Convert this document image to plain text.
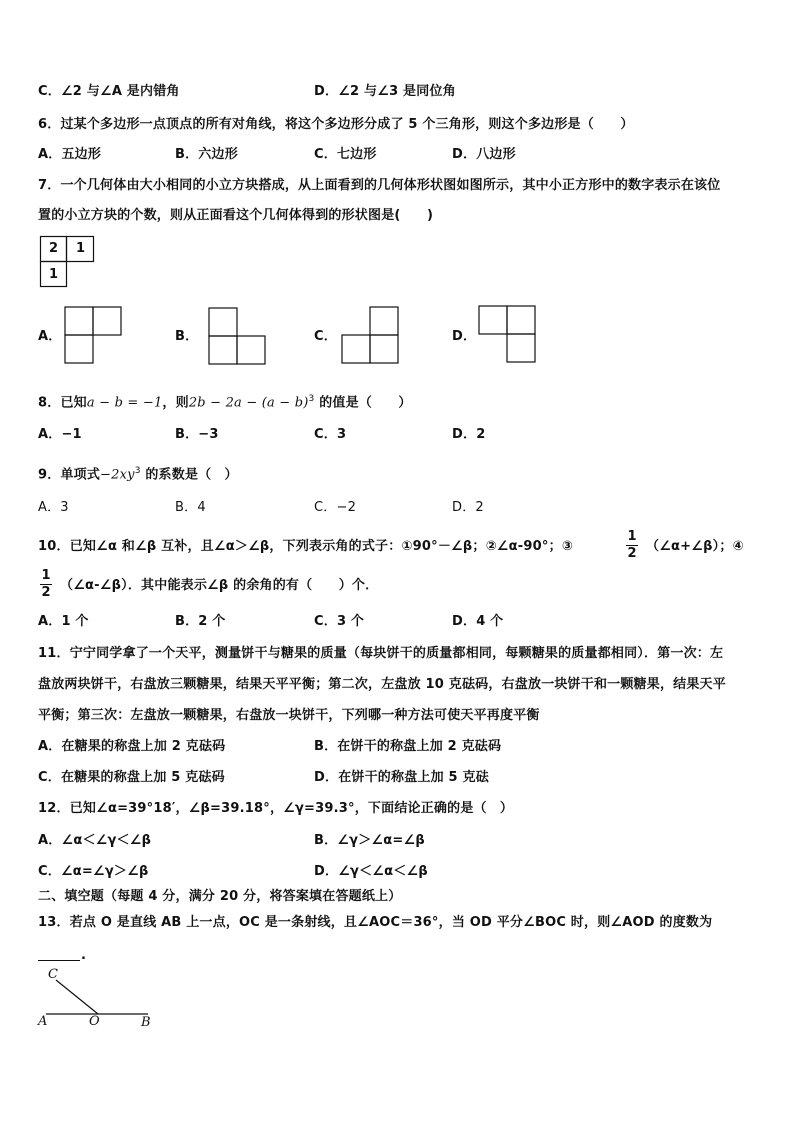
C．∠2 与∠A 是内错角	D．∠2 与∠3 是同位角
6．过某个多边形一点顶点的所有对角线，将这个多边形分成了 5 个三角形，则这个多边形是（　　）
A．五边形	B．六边形	C．七边形	D．八边形
7．一个几何体由大小相同的小立方块搭成，从上面看到的几何体形状图如图所示，其中小正方形中的数字表示在该位
置的小立方块的个数，则从正面看这个几何体得到的形状图是(　　)
2 1
1
A．	B．	C．	D．
8．已知a − b = −1，则$2b - 2a - (a - b)^3$ 的值是（　　）
A．−1	B．−3	C．3	D．2
9．单项式$-2xy^3$ 的系数是（　）
A．3	B．4	C．−2	D．2
10．已知∠α 和∠β 互补，且∠α＞∠β，下列表示角的式子：①90°－∠β；②∠α-90°；③
1
2 （∠α+∠β）；④
1
2 （∠α-∠β）．其中能表示∠β 的余角的有（　　）个．
A．1 个	B．2 个	C．3 个	D．4 个
11．宁宁同学拿了一个天平，测量饼干与糖果的质量（每块饼干的质量都相同，每颗糖果的质量都相同）．第一次：左
盘放两块饼干，右盘放三颗糖果，结果天平平衡；第二次，左盘放 10 克砝码，右盘放一块饼干和一颗糖果，结果天平
平衡；第三次：左盘放一颗糖果，右盘放一块饼干，下列哪一种方法可使天平再度平衡
A．在糖果的称盘上加 2 克砝码	B．在饼干的称盘上加 2 克砝码
C．在糖果的称盘上加 5 克砝码	D．在饼干的称盘上加 5 克砝
12．已知∠α=39°18′，∠β=39.18°，∠γ=39.3°，下面结论正确的是（　）
A．∠α＜∠γ＜∠β	B．∠γ＞∠α=∠β
C．∠α=∠γ＞∠β	D．∠γ＜∠α＜∠β
二、填空题（每题 4 分，满分 20 分，将答案填在答题纸上）
13．若点 O 是直线 AB 上一点，OC 是一条射线，且∠AOC＝36°，当 OD 平分∠BOC 时，则∠AOD 的度数为
.
C
A	O	B
